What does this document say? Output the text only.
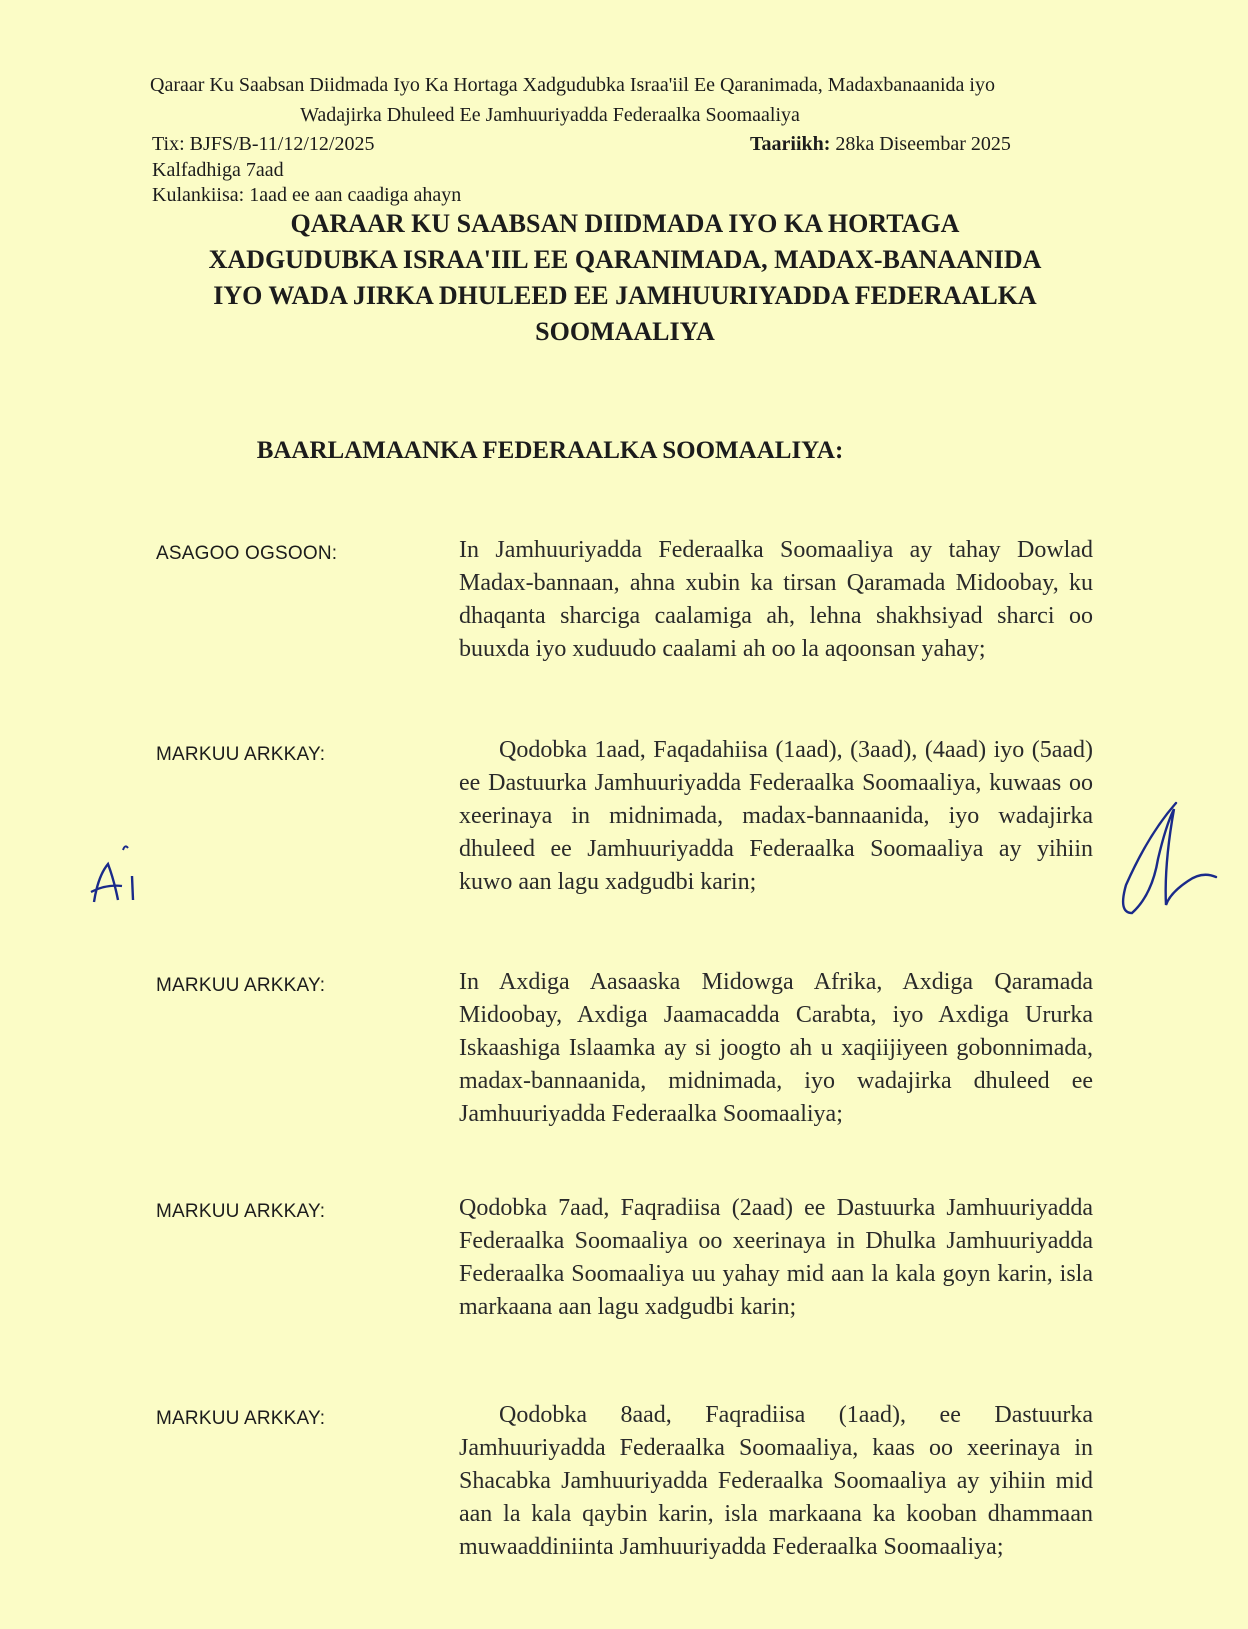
Qaraar Ku Saabsan Diidmada Iyo Ka Hortaga Xadgudubka Israa'iil Ee Qaranimada, Madaxbanaanida iyo
Wadajirka Dhuleed Ee Jamhuuriyadda Federaalka Soomaaliya
Tix: BJFS/B-11/12/12/2025	Taariikh: 28ka Diseembar 2025
Kalfadhiga 7aad
Kulankiisa: 1aad ee aan caadiga ahayn
QARAAR KU SAABSAN DIIDMADA IYO KA HORTAGA
XADGUDUBKA ISRAA'IIL EE QARANIMADA, MADAX-BANAANIDA
IYO WADA JIRKA DHULEED EE JAMHUURIYADDA FEDERAALKA
SOOMAALIYA
BAARLAMAANKA FEDERAALKA SOOMAALIYA:
ASAGOO OGSOON:	In Jamhuuriyadda Federaalka Soomaaliya ay tahay Dowlad Madax-bannaan, ahna xubin ka tirsan Qaramada Midoobay, ku dhaqanta sharciga caalamiga ah, lehna shakhsiyad sharci oo buuxda iyo xuduudo caalami ah oo la aqoonsan yahay;
MARKUU ARKKAY:	Qodobka 1aad, Faqadahiisa (1aad), (3aad), (4aad) iyo (5aad) ee Dastuurka Jamhuuriyadda Federaalka Soomaaliya, kuwaas oo xeerinaya in midnimada, madax-bannaanida, iyo wadajirka dhuleed ee Jamhuuriyadda Federaalka Soomaaliya ay yihiin kuwo aan lagu xadgudbi karin;
MARKUU ARKKAY:	In Axdiga Aasaaska Midowga Afrika, Axdiga Qaramada Midoobay, Axdiga Jaamacadda Carabta, iyo Axdiga Ururka Iskaashiga Islaamka ay si joogto ah u xaqiijiyeen gobonnimada, madax-bannaanida, midnimada, iyo wadajirka dhuleed ee Jamhuuriyadda Federaalka Soomaaliya;
MARKUU ARKKAY:	Qodobka 7aad, Faqradiisa (2aad) ee Dastuurka Jamhuuriyadda Federaalka Soomaaliya oo xeerinaya in Dhulka Jamhuuriyadda Federaalka Soomaaliya uu yahay mid aan la kala goyn karin, isla markaana aan lagu xadgudbi karin;
MARKUU ARKKAY:	Qodobka 8aad, Faqradiisa (1aad), ee Dastuurka Jamhuuriyadda Federaalka Soomaaliya, kaas oo xeerinaya in Shacabka Jamhuuriyadda Federaalka Soomaaliya ay yihiin mid aan la kala qaybin karin, isla markaana ka kooban dhammaan muwaaddiniinta Jamhuuriyadda Federaalka Soomaaliya;
